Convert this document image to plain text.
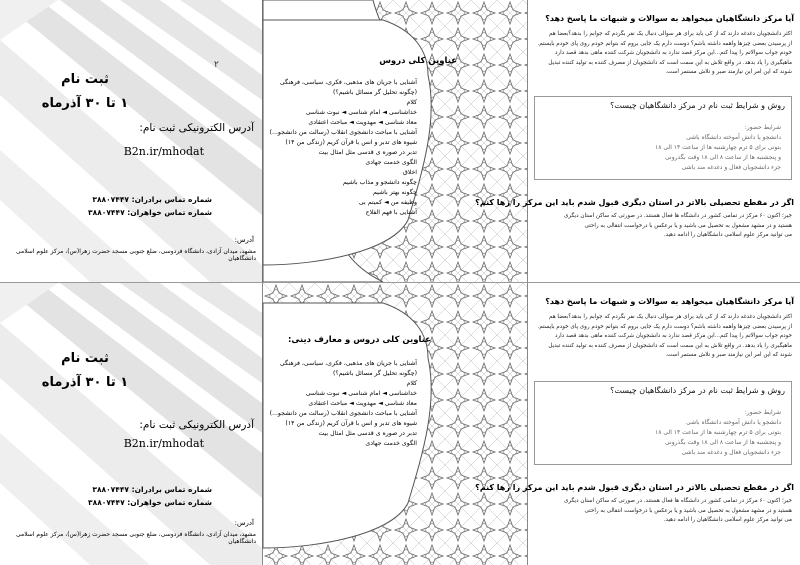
۲
ثبت نام
۱ تا ۳۰ آذرماه
آدرس الکترونیکی ثبت نام:
B2n.ir/mhodat
شماره تماس برادران: ۳۸۸۰۷۴۴۷
شماره تماس خواهران: ۳۸۸۰۷۴۴۷
آدرس:
مشهد، میدان آزادی، دانشگاه فردوسی، ضلع جنوبی مسجد حضرت زهرا(س)، مرکز علوم اسلامی دانشگاهیان
عناوین کلی دروس
آشنایی با جریان های مذهبی، فکری، سیاسی، فرهنگی
(چگونه تحلیل گر مسائل باشیم؟)
کلام
خداشناسی ◄ امام شناسی ◄ نبوت شناسی
معاد شناسی ◄ مهدویت ◄ مباحث اعتقادی
آشنایی با مباحث دانشجوی انقلاب (رسالت من دانشجو...)
شیوه های تدبر و انس با قرآن کریم (زندگی من ۱۴)
تدبر در صوره ی قدسی مثل امثال بیت
الگوی خدمت جهادی
اخلاق
چگونه دانشجو و مذاب باشیم
چگونه بهتر باشیم
وظیفه من ◄ کمیتم بی
آشنایی با فهم الفلاح
آیا مرکز دانشگاهیان میخواهد به سوالات و شبهات ما پاسخ دهد؟
اکثر دانشجویان دغدغه دارند که از کی باید برای هر سوالی دنبال یک نفر بگردم که جوابم را بدهد؟بعضا هم
از پرسیدن بعضی چیزها واهمه داشته باشم؟ دوست دارم یک جایی بروم که بتوانم خودم روی پای خودم بایستم.
خودم جواب سوالاتم را پیدا کنم...این مرکز قصد ندارد به دانشجویان شرکت کننده ماهی بدهد قصد دارد
ماهیگیری را یاد بدهد. در واقع تلاش به این سمت است که دانشجویان از مصرف کننده به تولید کننده تبدیل
شوند که این امر این نیازمند صبر و تلاش مستمر است.
روش و شرایط ثبت نام در مرکز دانشگاهیان چیست؟
شرایط حضور:
دانشجو یا دانش آموخته دانشگاه باشی
بتونی برای ۵ ترم چهارشنبه ها از ساعت ۱۴ الی ۱۸
و پنجشنبه ها از ساعت ۸ الی ۱۸ وقت بگذرونی
جزء دانشجویان فعال و دغدغه مند باشی
اگر در مقطع تحصیلی بالاتر در استان دیگری قبول شدم باید این مرکز را رها کنم؟
خیر؛ اکنون ۶۰ مرکز در تمامی کشور در دانشگاه ها فعال هستند. در صورتی که ساکن استان دیگری
هستید و در مشهد مشغول به تحصیل می باشید و یا برعکس با درخواست انتقالی به راحتی
می توانید مرکز علوم اسلامی دانشگاهیان را ادامه دهید.
ثبت نام
۱ تا ۳۰ آذرماه
آدرس الکترونیکی ثبت نام:
B2n.ir/mhodat
شماره تماس برادران: ۳۸۸۰۷۴۴۷
شماره تماس خواهران: ۳۸۸۰۷۴۴۷
آدرس:
مشهد، میدان آزادی، دانشگاه فردوسی، ضلع جنوبی مسجد حضرت زهرا(س)، مرکز علوم اسلامی دانشگاهیان
عناوین کلی دروس و معارف دینی:
آشنایی با جریان های مذهبی، فکری، سیاسی، فرهنگی
(چگونه تحلیل گر مسائل باشیم؟)
کلام
خداشناسی ◄ امام شناسی ◄ نبوت شناسی
معاد شناسی ◄ مهدویت ◄ مباحث اعتقادی
آشنایی با مباحث دانشجوی انقلاب (رسالت من دانشجو...)
شیوه های تدبر و انس با قرآن کریم (زندگی من ۱۴)
تدبر در صوره ی قدسی مثل امثال بیت
الگوی خدمت جهادی
آیا مرکز دانشگاهیان میخواهد به سوالات و شبهات ما پاسخ دهد؟
اکثر دانشجویان دغدغه دارند که از کی باید برای هر سوالی دنبال یک نفر بگردم که جوابم را بدهد؟بعضا هم
از پرسیدن بعضی چیزها واهمه داشته باشم؟ دوست دارم یک جایی بروم که بتوانم خودم روی پای خودم بایستم.
خودم جواب سوالاتم را پیدا کنم...این مرکز قصد ندارد به دانشجویان شرکت کننده ماهی بدهد قصد دارد
ماهیگیری را یاد بدهد. در واقع تلاش به این سمت است که دانشجویان از مصرف کننده به تولید کننده تبدیل
شوند که این امر این نیازمند صبر و تلاش مستمر است.
روش و شرایط ثبت نام در مرکز دانشگاهیان چیست؟
شرایط حضور:
دانشجو یا دانش آموخته دانشگاه باشی
بتونی برای ۵ ترم چهارشنبه ها از ساعت ۱۴ الی ۱۸
و پنجشنبه ها از ساعت ۸ الی ۱۸ وقت بگذرونی
جزء دانشجویان فعال و دغدغه مند باشی
اگر در مقطع تحصیلی بالاتر در استان دیگری قبول شدم باید این مرکز را رها کنم؟
خیر؛ اکنون ۶۰ مرکز در تمامی کشور در دانشگاه ها فعال هستند. در صورتی که ساکن استان دیگری
هستید و در مشهد مشغول به تحصیل می باشید و یا برعکس با درخواست انتقالی به راحتی
می توانید مرکز علوم اسلامی دانشگاهیان را ادامه دهید.
